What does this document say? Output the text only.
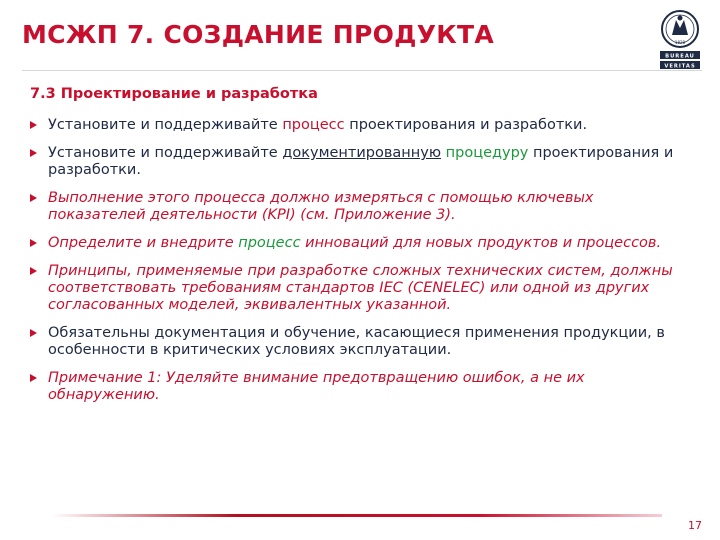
МСЖП 7. СОЗДАНИЕ ПРОДУКТА	1828
BUREAU
VERITAS
7.3 Проектирование и разработка
Установите и поддерживайте процесс проектирования и разработки.
Установите и поддерживайте документированную процедуру проектирования и разработки.
Выполнение этого процесса должно измеряться с помощью ключевых показателей деятельности (KPI) (см. Приложение 3).
Определите и внедрите процесс инноваций для новых продуктов и процессов.
Принципы, применяемые при разработке сложных технических систем, должны соответствовать требованиям стандартов IEC (CENELEC) или одной из других согласованных моделей, эквивалентных указанной.
Обязательны документация и обучение, касающиеся применения продукции, в особенности в критических условиях эксплуатации.
Примечание 1: Уделяйте внимание предотвращению ошибок, а не их обнаружению.
17
